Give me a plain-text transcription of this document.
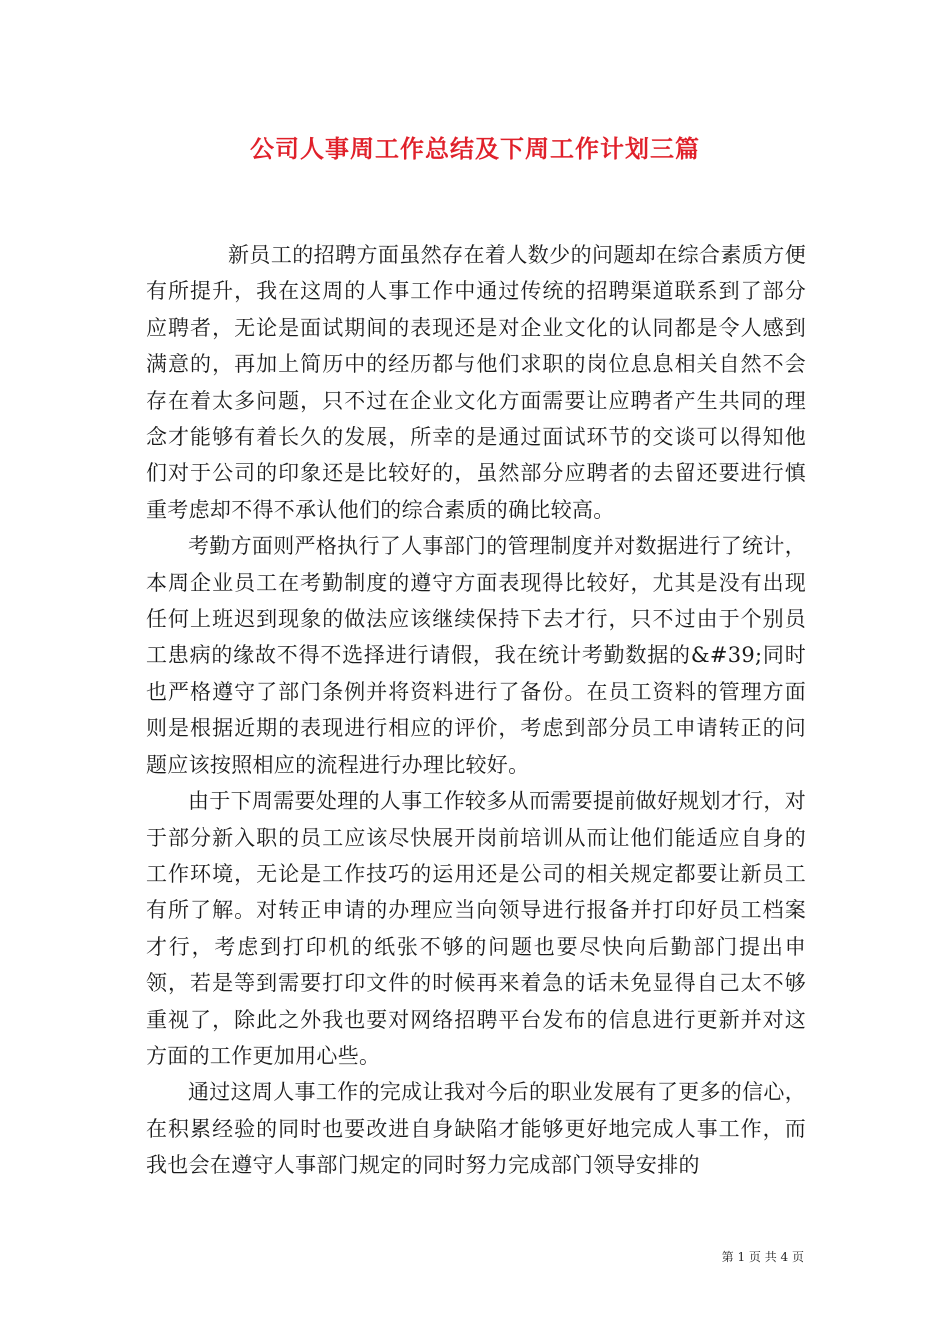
公司人事周工作总结及下周工作计划三篇

新员工的招聘方面虽然存在着人数少的问题却在综合素质方便有所提升，我在这周的人事工作中通过传统的招聘渠道联系到了部分应聘者，无论是面试期间的表现还是对企业文化的认同都是令人感到满意的，再加上简历中的经历都与他们求职的岗位息息相关自然不会存在着太多问题，只不过在企业文化方面需要让应聘者产生共同的理念才能够有着长久的发展，所幸的是通过面试环节的交谈可以得知他们对于公司的印象还是比较好的，虽然部分应聘者的去留还要进行慎重考虑却不得不承认他们的综合素质的确比较高。

考勤方面则严格执行了人事部门的管理制度并对数据进行了统计，本周企业员工在考勤制度的遵守方面表现得比较好，尤其是没有出现任何上班迟到现象的做法应该继续保持下去才行，只不过由于个别员工患病的缘故不得不选择进行请假，我在统计考勤数据的&#39;同时也严格遵守了部门条例并将资料进行了备份。在员工资料的管理方面则是根据近期的表现进行相应的评价，考虑到部分员工申请转正的问题应该按照相应的流程进行办理比较好。

由于下周需要处理的人事工作较多从而需要提前做好规划才行，对于部分新入职的员工应该尽快展开岗前培训从而让他们能适应自身的工作环境，无论是工作技巧的运用还是公司的相关规定都要让新员工有所了解。对转正申请的办理应当向领导进行报备并打印好员工档案才行，考虑到打印机的纸张不够的问题也要尽快向后勤部门提出申领，若是等到需要打印文件的时候再来着急的话未免显得自己太不够重视了，除此之外我也要对网络招聘平台发布的信息进行更新并对这方面的工作更加用心些。

通过这周人事工作的完成让我对今后的职业发展有了更多的信心，在积累经验的同时也要改进自身缺陷才能够更好地完成人事工作，而我也会在遵守人事部门规定的同时努力完成部门领导安排的

第 1 页 共 4 页
